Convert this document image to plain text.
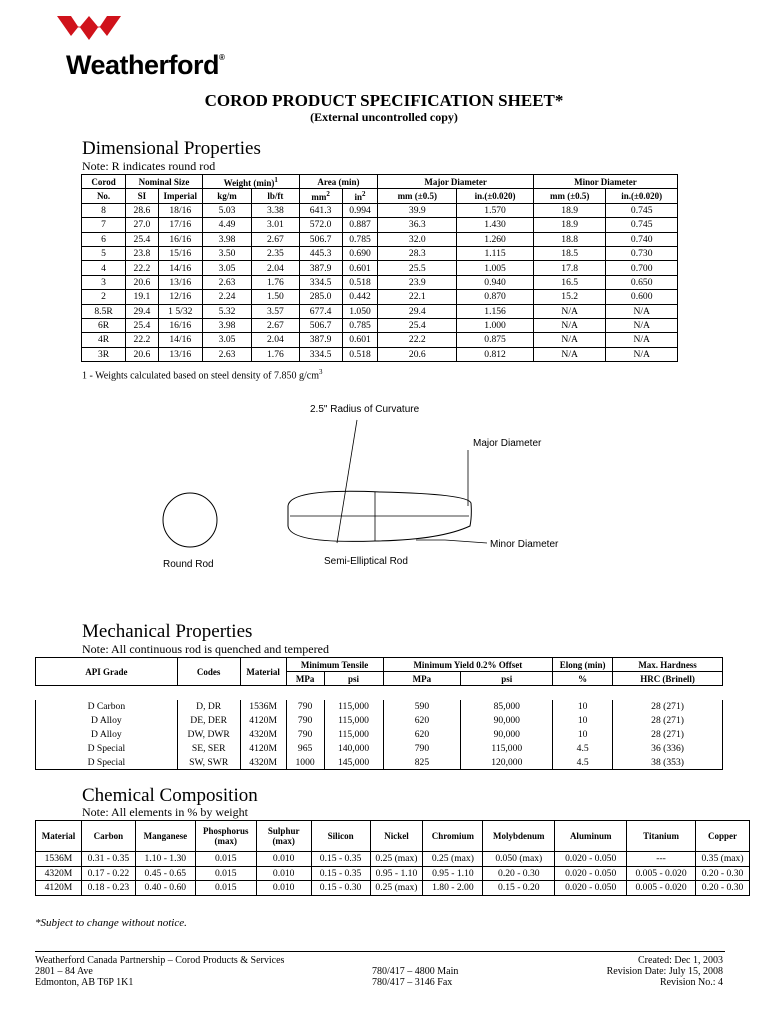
Weatherford®
COROD PRODUCT SPECIFICATION SHEET*
(External uncontrolled copy)
Dimensional Properties
Note: R indicates round rod
Corod	Nominal Size		Weight $(\min)^1$		Area (min)		Major Diameter		Minor Diameter	
No.	SI	Imperial	kg/m	lb/ft	$mm^2$	$in^2$	mm (±0.5)	in.(±0.020)	mm (±0.5)	in.(±0.020)
8	28.6	18/16	5.03	3.38	641.3	0.994	39.9	1.570	18.9	0.745
7	27.0	17/16	4.49	3.01	572.0	0.887	36.3	1.430	18.9	0.745
6	25.4	16/16	3.98	2.67	506.7	0.785	32.0	1.260	18.8	0.740
5	23.8	15/16	3.50	2.35	445.3	0.690	28.3	1.115	18.5	0.730
4	22.2	14/16	3.05	2.04	387.9	0.601	25.5	1.005	17.8	0.700
3	20.6	13/16	2.63	1.76	334.5	0.518	23.9	0.940	16.5	0.650
2	19.1	12/16	2.24	1.50	285.0	0.442	22.1	0.870	15.2	0.600
8.5R	29.4	1 5/32	5.32	3.57	677.4	1.050	29.4	1.156	N/A	N/A
6R	25.4	16/16	3.98	2.67	506.7	0.785	25.4	1.000	N/A	N/A
4R	22.2	14/16	3.05	2.04	387.9	0.601	22.2	0.875	N/A	N/A
3R	20.6	13/16	2.63	1.76	334.5	0.518	20.6	0.812	N/A	N/A
1 - Weights calculated based on steel density of 7.850 $g/cm^3$
2.5" Radius of Curvature
Major Diameter
Minor Diameter
Round Rod	Semi-Elliptical Rod
Mechanical Properties
Note: All continuous rod is quenched and tempered
API Grade	Codes	Material	Minimum Tensile		Minimum Yield 0.2% Offset		Elong (min)	Max. Hardness
			MPa	psi	MPa	psi	%	HRC (Brinell)

D Carbon	D, DR	1536M	790	115,000	590	85,000	10	28 (271)
D Alloy	DE, DER	4120M	790	115,000	620	90,000	10	28 (271)
D Alloy	DW, DWR	4320M	790	115,000	620	90,000	10	28 (271)
D Special	SE, SER	4120M	965	140,000	790	115,000	4.5	36 (336)
D Special	SW, SWR	4320M	1000	145,000	825	120,000	4.5	38 (353)
Chemical Composition
Note: All elements in % by weight
Material	Carbon	Manganese	Phosphorus
(max)	Sulphur
(max)	Silicon	Nickel	Chromium	Molybdenum	Aluminum	Titanium	Copper
1536M	0.31 - 0.35	1.10 - 1.30	0.015	0.010	0.15 - 0.35	0.25 (max)	0.25 (max)	0.050 (max)	0.020 - 0.050	---	0.35 (max)
4320M	0.17 - 0.22	0.45 - 0.65	0.015	0.010	0.15 - 0.35	0.95 - 1.10	0.95 - 1.10	0.20 - 0.30	0.020 - 0.050	0.005 - 0.020	0.20 - 0.30
4120M	0.18 - 0.23	0.40 - 0.60	0.015	0.010	0.15 - 0.30	0.25 (max)	1.80 - 2.00	0.15 - 0.20	0.020 - 0.050	0.005 - 0.020	0.20 - 0.30
*Subject to change without notice.
Weatherford Canada Partnership – Corod Products & Services
2801 – 84 Ave
Edmonton, AB T6P 1K1
780/417 – 4800 Main
780/417 – 3146 Fax
Created: Dec 1, 2003
Revision Date: July 15, 2008
Revision No.: 4
